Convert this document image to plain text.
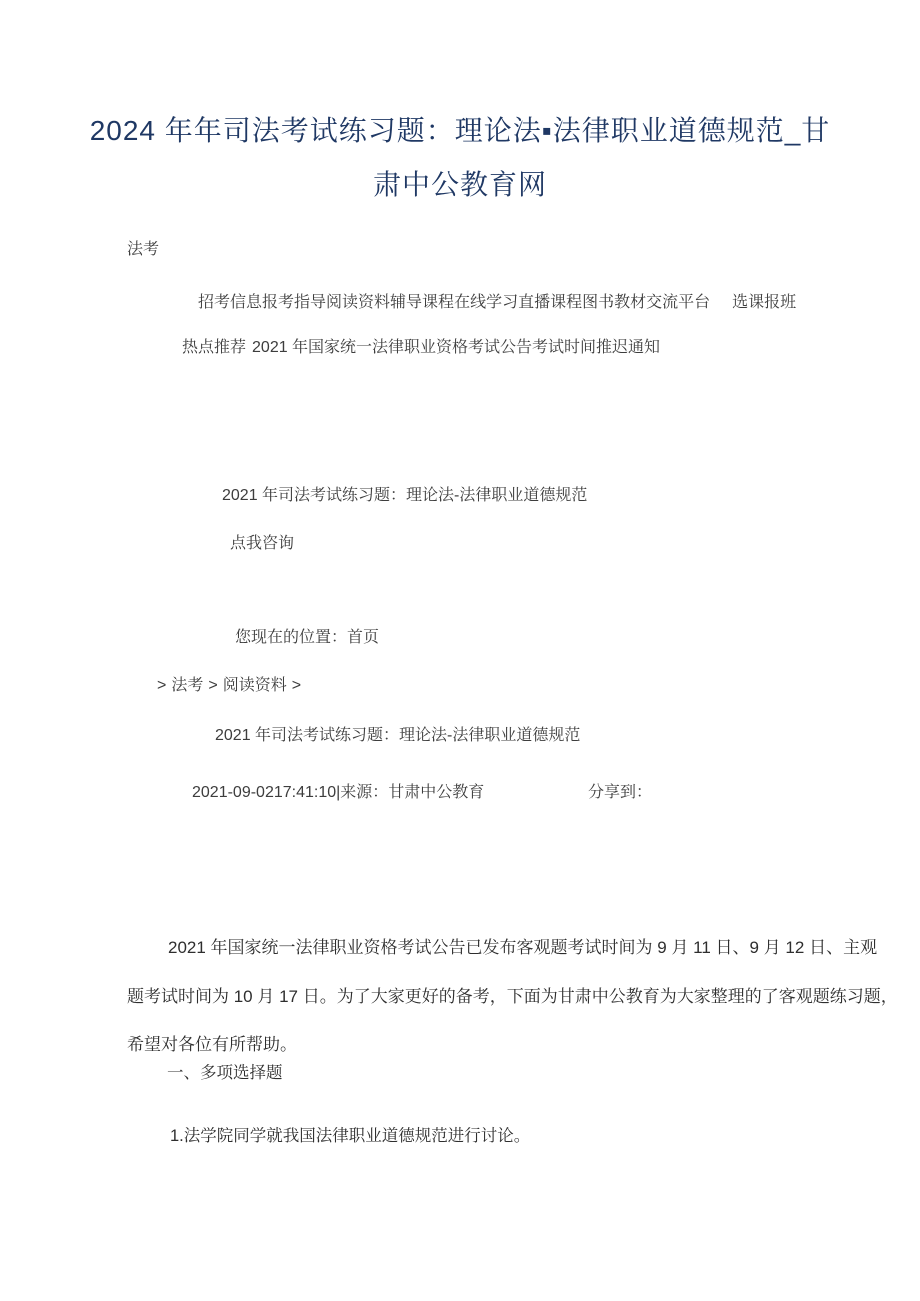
2024 年年司法考试练习题：理论法▪法律职业道德规范_甘
肃中公教育网
法考
招考信息报考指导阅读资料辅导课程在线学习直播课程图书教材交流平台 选课报班
热点推荐 2021 年国家统一法律职业资格考试公告考试时间推迟通知
2021 年司法考试练习题：理论法-法律职业道德规范
点我咨询
您现在的位置：首页
> 法考 > 阅读资料 >
2021 年司法考试练习题：理论法-法律职业道德规范
2021-09-0217:41:10|来源：甘肃中公教育	分享到：
2021 年国家统一法律职业资格考试公告已发布客观题考试时间为 9 月 11 日、9 月 12 日、主观
题考试时间为 10 月 17 日。为了大家更好的备考，下面为甘肃中公教育为大家整理的了客观题练习题，
希望对各位有所帮助。
一、多项选择题
1.法学院同学就我国法律职业道德规范进行讨论。
